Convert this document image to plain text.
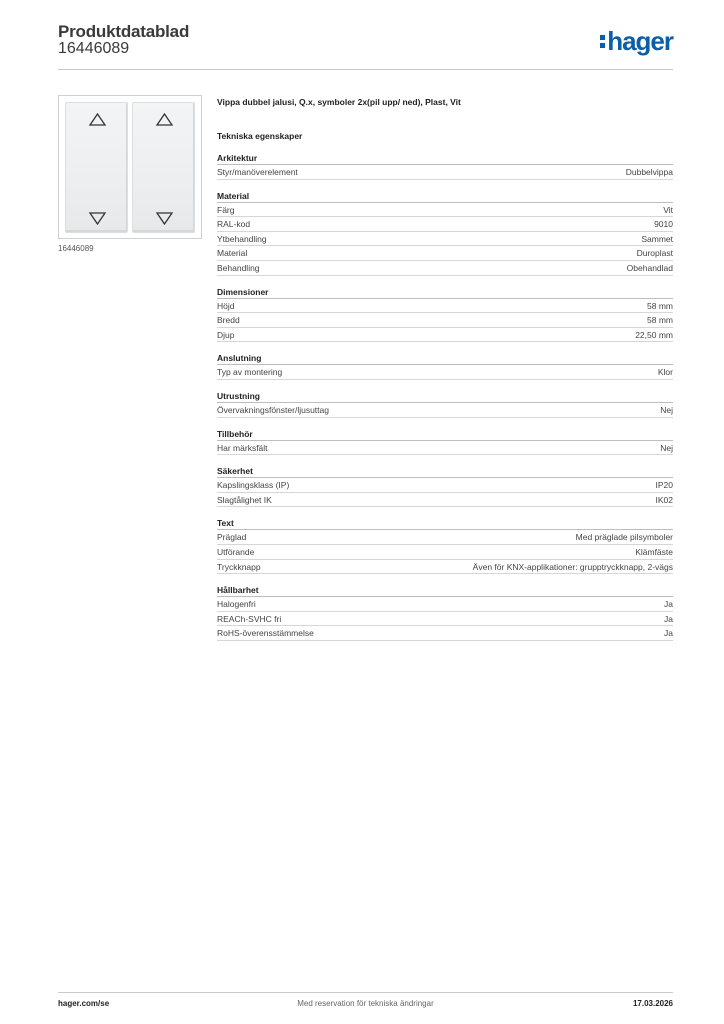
Produktdatablad
16446089	hager
16446089
Vippa dubbel jalusi, Q.x, symboler 2x(pil upp/ ned), Plast, Vit
Tekniska egenskaper
Arkitektur
Styr/manöverelement	Dubbelvippa
Material
Färg	Vit
RAL-kod	9010
Ytbehandling	Sammet
Material	Duroplast
Behandling	Obehandlad
Dimensioner
Höjd	58 mm
Bredd	58 mm
Djup	22,50 mm
Anslutning
Typ av montering	Klor
Utrustning
Övervakningsfönster/ljusuttag	Nej
Tillbehör
Har märksfält	Nej
Säkerhet
Kapslingsklass (IP)	IP20
Slagtålighet IK	IK02
Text
Präglad	Med präglade pilsymboler
Utförande	Klämfäste
Tryckknapp	Även för KNX-applikationer: grupptryckknapp, 2-vägs
Hållbarhet
Halogenfri	Ja
REACh-SVHC fri	Ja
RoHS-överensstämmelse	Ja
hager.com/se	Med reservation för tekniska ändringar	17.03.2026
